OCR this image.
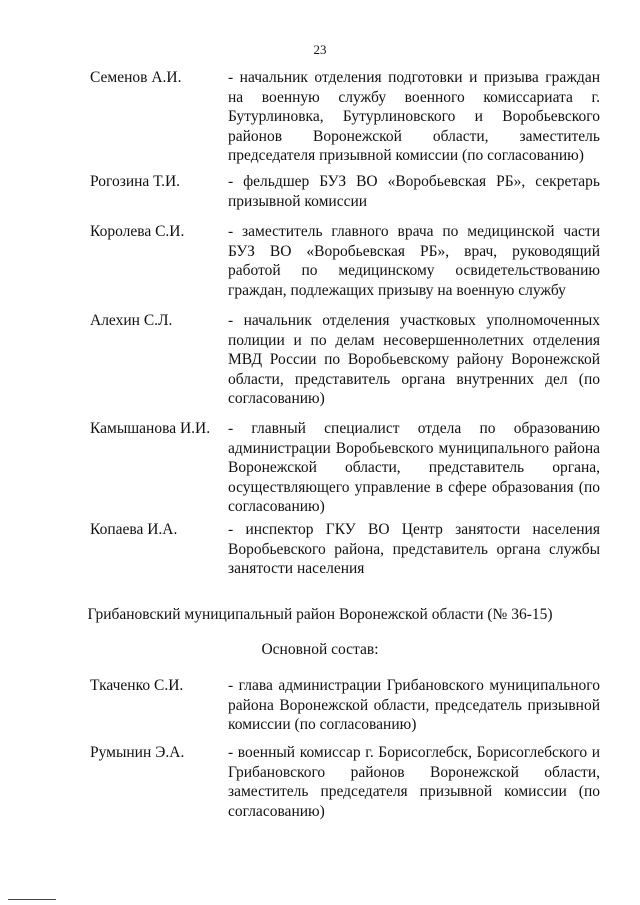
23
Семенов А.И.	- начальник отделения подготовки и призыва граждан на военную службу военного комиссариата г. Бутурлиновка, Бутурлиновского и Воробьевского районов Воронежской области, заместитель председателя призывной комиссии (по согласованию)
Рогозина Т.И.	- фельдшер БУЗ ВО «Воробьевская РБ», секретарь призывной комиссии
Королева С.И.	- заместитель главного врача по медицинской части БУЗ ВО «Воробьевская РБ», врач, руководящий работой по медицинскому освидетельствованию граждан, подлежащих призыву на военную службу
Алехин С.Л.	- начальник отделения участковых уполномоченных полиции и по делам несовершеннолетних отделения МВД России по Воробьевскому району Воронежской области, представитель органа внутренних дел (по согласованию)
Камышанова И.И.	- главный специалист отдела по образованию администрации Воробьевского муниципального района Воронежской области, представитель органа, осуществляющего управление в сфере образования (по согласованию)
Копаева И.А.	- инспектор ГКУ ВО Центр занятости населения Воробьевского района, представитель органа службы занятости населения
Грибановский муниципальный район Воронежской области (№ 36-15)
Основной состав:
Ткаченко С.И.	- глава администрации Грибановского муниципального района Воронежской области, председатель призывной комиссии (по согласованию)
Румынин Э.А.	- военный комиссар г. Борисоглебск, Борисоглебского и Грибановского районов Воронежской области, заместитель председателя призывной комиссии (по согласованию)
